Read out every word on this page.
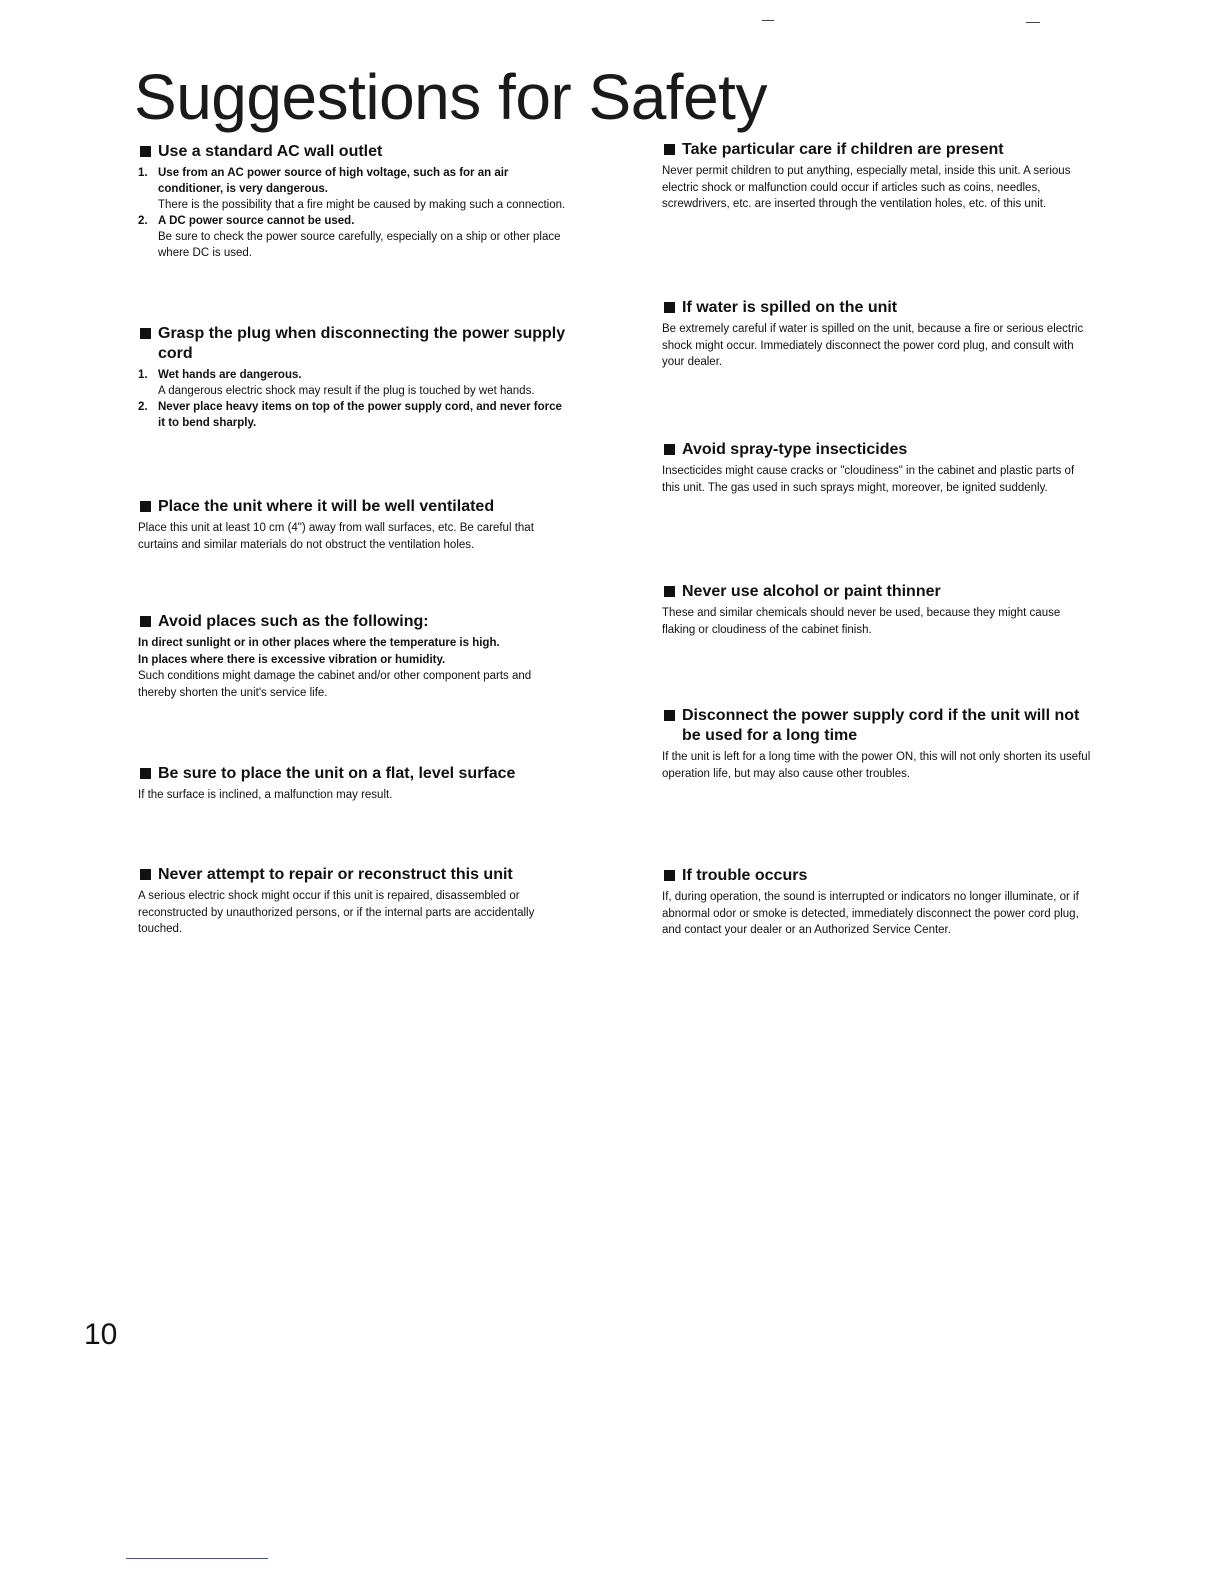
Suggestions for Safety
Use a standard AC wall outlet
1. Use from an AC power source of high voltage, such as for an air conditioner, is very dangerous.
There is the possibility that a fire might be caused by making such a connection.
2. A DC power source cannot be used.
Be sure to check the power source carefully, especially on a ship or other place where DC is used.
Grasp the plug when disconnecting the power supply cord
1. Wet hands are dangerous.
A dangerous electric shock may result if the plug is touched by wet hands.
2. Never place heavy items on top of the power supply cord, and never force it to bend sharply.
Place the unit where it will be well ventilated
Place this unit at least 10 cm (4") away from wall surfaces, etc. Be careful that curtains and similar materials do not obstruct the ventilation holes.
Avoid places such as the following:
In direct sunlight or in other places where the temperature is high.
In places where there is excessive vibration or humidity.
Such conditions might damage the cabinet and/or other component parts and thereby shorten the unit's service life.
Be sure to place the unit on a flat, level surface
If the surface is inclined, a malfunction may result.
Never attempt to repair or reconstruct this unit
A serious electric shock might occur if this unit is repaired, disassembled or reconstructed by unauthorized persons, or if the internal parts are accidentally touched.
Take particular care if children are present
Never permit children to put anything, especially metal, inside this unit. A serious electric shock or malfunction could occur if articles such as coins, needles, screwdrivers, etc. are inserted through the ventilation holes, etc. of this unit.
If water is spilled on the unit
Be extremely careful if water is spilled on the unit, because a fire or serious electric shock might occur. Immediately disconnect the power cord plug, and consult with your dealer.
Avoid spray-type insecticides
Insecticides might cause cracks or "cloudiness" in the cabinet and plastic parts of this unit. The gas used in such sprays might, moreover, be ignited suddenly.
Never use alcohol or paint thinner
These and similar chemicals should never be used, because they might cause flaking or cloudiness of the cabinet finish.
Disconnect the power supply cord if the unit will not be used for a long time
If the unit is left for a long time with the power ON, this will not only shorten its useful operation life, but may also cause other troubles.
If trouble occurs
If, during operation, the sound is interrupted or indicators no longer illuminate, or if abnormal odor or smoke is detected, immediately disconnect the power cord plug, and contact your dealer or an Authorized Service Center.
10
